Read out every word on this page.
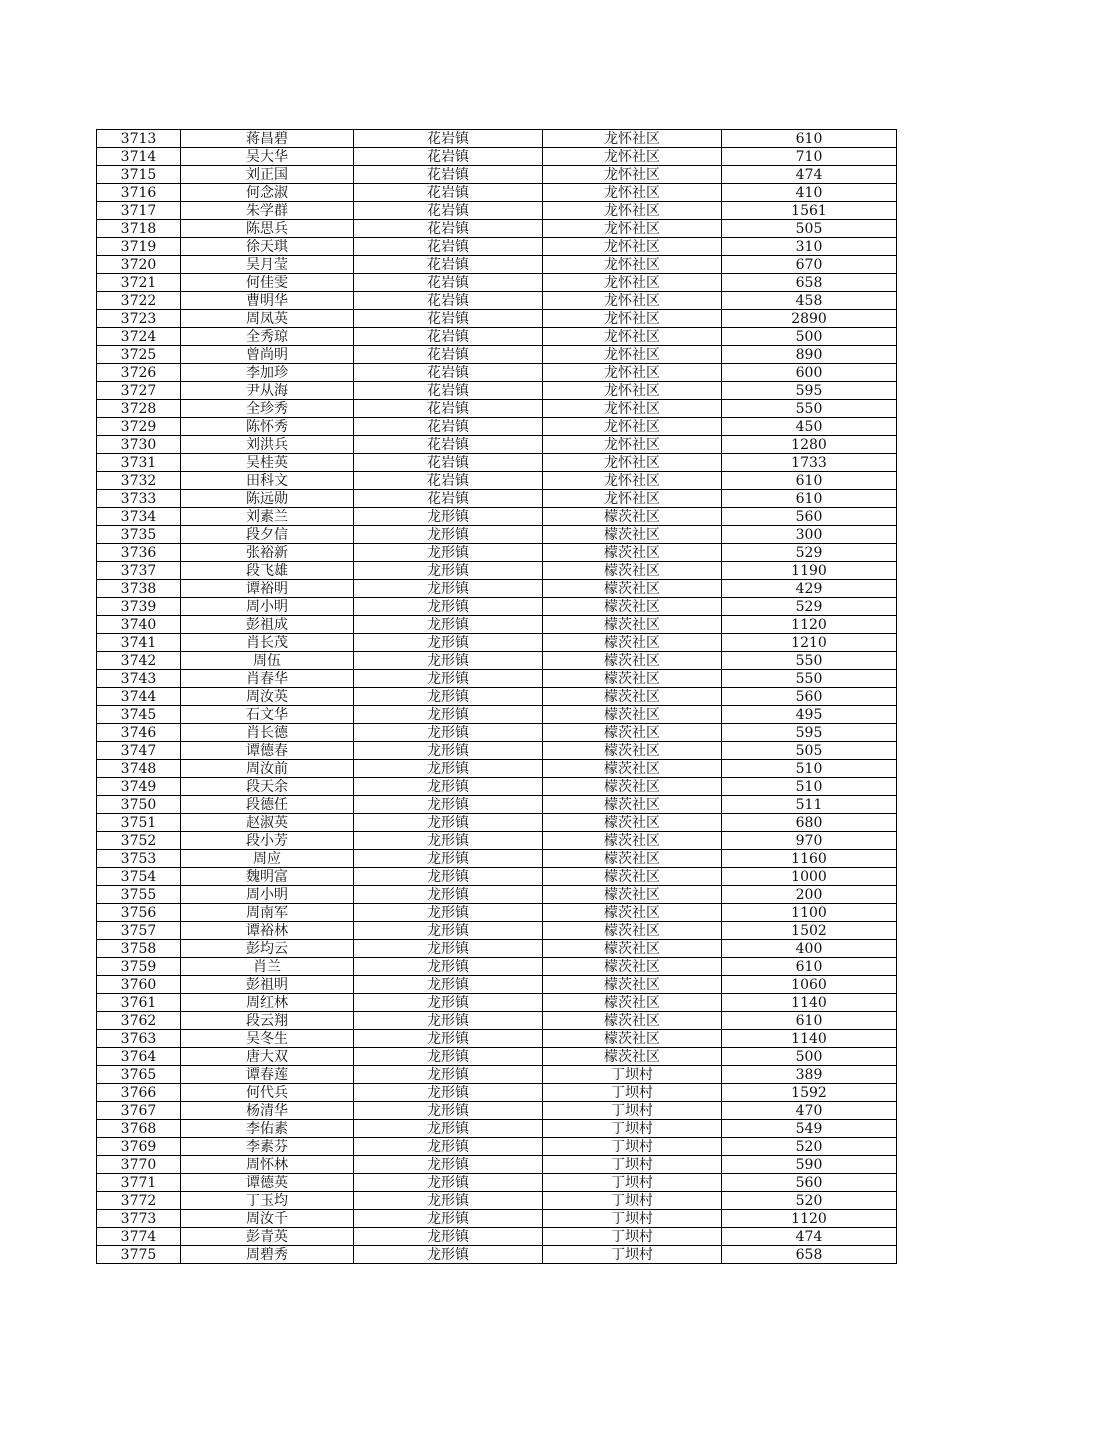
3713	蒋昌碧	花岩镇	龙怀社区	610
3714	吴大华	花岩镇	龙怀社区	710
3715	刘正国	花岩镇	龙怀社区	474
3716	何念淑	花岩镇	龙怀社区	410
3717	朱学群	花岩镇	龙怀社区	1561
3718	陈思兵	花岩镇	龙怀社区	505
3719	徐天琪	花岩镇	龙怀社区	310
3720	吴月莹	花岩镇	龙怀社区	670
3721	何佳雯	花岩镇	龙怀社区	658
3722	曹明华	花岩镇	龙怀社区	458
3723	周凤英	花岩镇	龙怀社区	2890
3724	全秀琼	花岩镇	龙怀社区	500
3725	曾尚明	花岩镇	龙怀社区	890
3726	李加珍	花岩镇	龙怀社区	600
3727	尹从海	花岩镇	龙怀社区	595
3728	全珍秀	花岩镇	龙怀社区	550
3729	陈怀秀	花岩镇	龙怀社区	450
3730	刘洪兵	花岩镇	龙怀社区	1280
3731	吴桂英	花岩镇	龙怀社区	1733
3732	田科文	花岩镇	龙怀社区	610
3733	陈远勋	花岩镇	龙怀社区	610
3734	刘素兰	龙形镇	檬茨社区	560
3735	段夕信	龙形镇	檬茨社区	300
3736	张裕新	龙形镇	檬茨社区	529
3737	段飞雄	龙形镇	檬茨社区	1190
3738	谭裕明	龙形镇	檬茨社区	429
3739	周小明	龙形镇	檬茨社区	529
3740	彭祖成	龙形镇	檬茨社区	1120
3741	肖长茂	龙形镇	檬茨社区	1210
3742	周伍	龙形镇	檬茨社区	550
3743	肖春华	龙形镇	檬茨社区	550
3744	周汝英	龙形镇	檬茨社区	560
3745	石文华	龙形镇	檬茨社区	495
3746	肖长德	龙形镇	檬茨社区	595
3747	谭德春	龙形镇	檬茨社区	505
3748	周汝前	龙形镇	檬茨社区	510
3749	段天余	龙形镇	檬茨社区	510
3750	段德任	龙形镇	檬茨社区	511
3751	赵淑英	龙形镇	檬茨社区	680
3752	段小芳	龙形镇	檬茨社区	970
3753	周应	龙形镇	檬茨社区	1160
3754	魏明富	龙形镇	檬茨社区	1000
3755	周小明	龙形镇	檬茨社区	200
3756	周南军	龙形镇	檬茨社区	1100
3757	谭裕林	龙形镇	檬茨社区	1502
3758	彭均云	龙形镇	檬茨社区	400
3759	肖兰	龙形镇	檬茨社区	610
3760	彭祖明	龙形镇	檬茨社区	1060
3761	周红林	龙形镇	檬茨社区	1140
3762	段云翔	龙形镇	檬茨社区	610
3763	吴冬生	龙形镇	檬茨社区	1140
3764	唐大双	龙形镇	檬茨社区	500
3765	谭春莲	龙形镇	丁坝村	389
3766	何代兵	龙形镇	丁坝村	1592
3767	杨清华	龙形镇	丁坝村	470
3768	李佑素	龙形镇	丁坝村	549
3769	李素芬	龙形镇	丁坝村	520
3770	周怀林	龙形镇	丁坝村	590
3771	谭德英	龙形镇	丁坝村	560
3772	丁玉均	龙形镇	丁坝村	520
3773	周汝千	龙形镇	丁坝村	1120
3774	彭青英	龙形镇	丁坝村	474
3775	周碧秀	龙形镇	丁坝村	658
